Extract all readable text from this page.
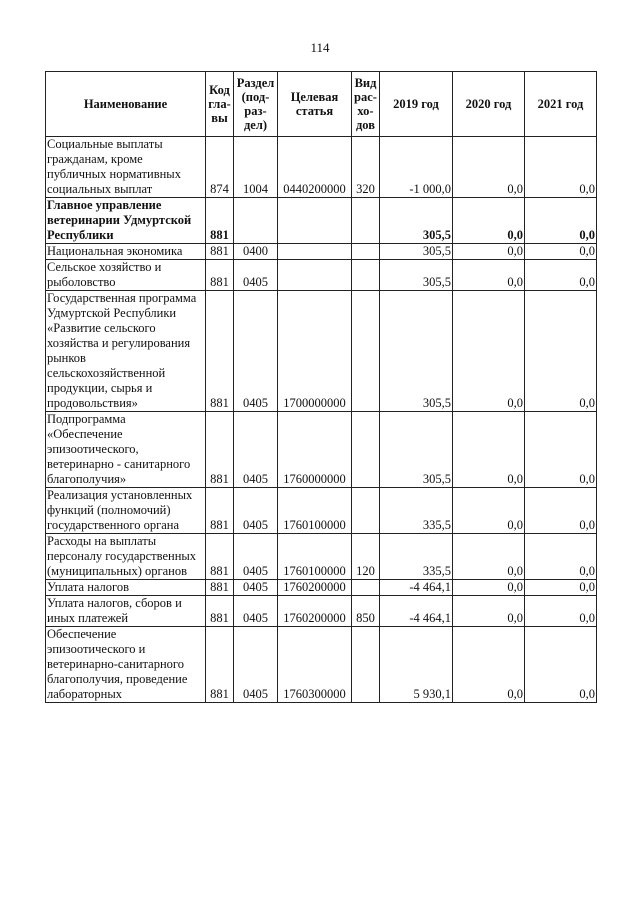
114
Наименование	Код гла- вы	Раздел (под- раз- дел)	Целевая статья	Вид рас- хо- дов	2019 год	2020 год	2021 год
Социальные выплаты гражданам, кроме публичных нормативных социальных выплат	874	1004	0440200000	320	-1 000,0	0,0	0,0
Главное управление ветеринарии Удмуртской Республики	881				305,5	0,0	0,0
Национальная экономика	881	0400			305,5	0,0	0,0
Сельское хозяйство и рыболовство	881	0405			305,5	0,0	0,0
Государственная программа Удмуртской Республики «Развитие сельского хозяйства и регулирования рынков сельскохозяйственной продукции, сырья и продовольствия»	881	0405	1700000000		305,5	0,0	0,0
Подпрограмма «Обеспечение эпизоотического, ветеринарно - санитарного благополучия»	881	0405	1760000000		305,5	0,0	0,0
Реализация установленных функций (полномочий) государственного органа	881	0405	1760100000		335,5	0,0	0,0
Расходы на выплаты персоналу государственных (муниципальных) органов	881	0405	1760100000	120	335,5	0,0	0,0
Уплата налогов	881	0405	1760200000		-4 464,1	0,0	0,0
Уплата налогов, сборов и иных платежей	881	0405	1760200000	850	-4 464,1	0,0	0,0
Обеспечение эпизоотического и ветеринарно-санитарного благополучия, проведение лабораторных	881	0405	1760300000		5 930,1	0,0	0,0
